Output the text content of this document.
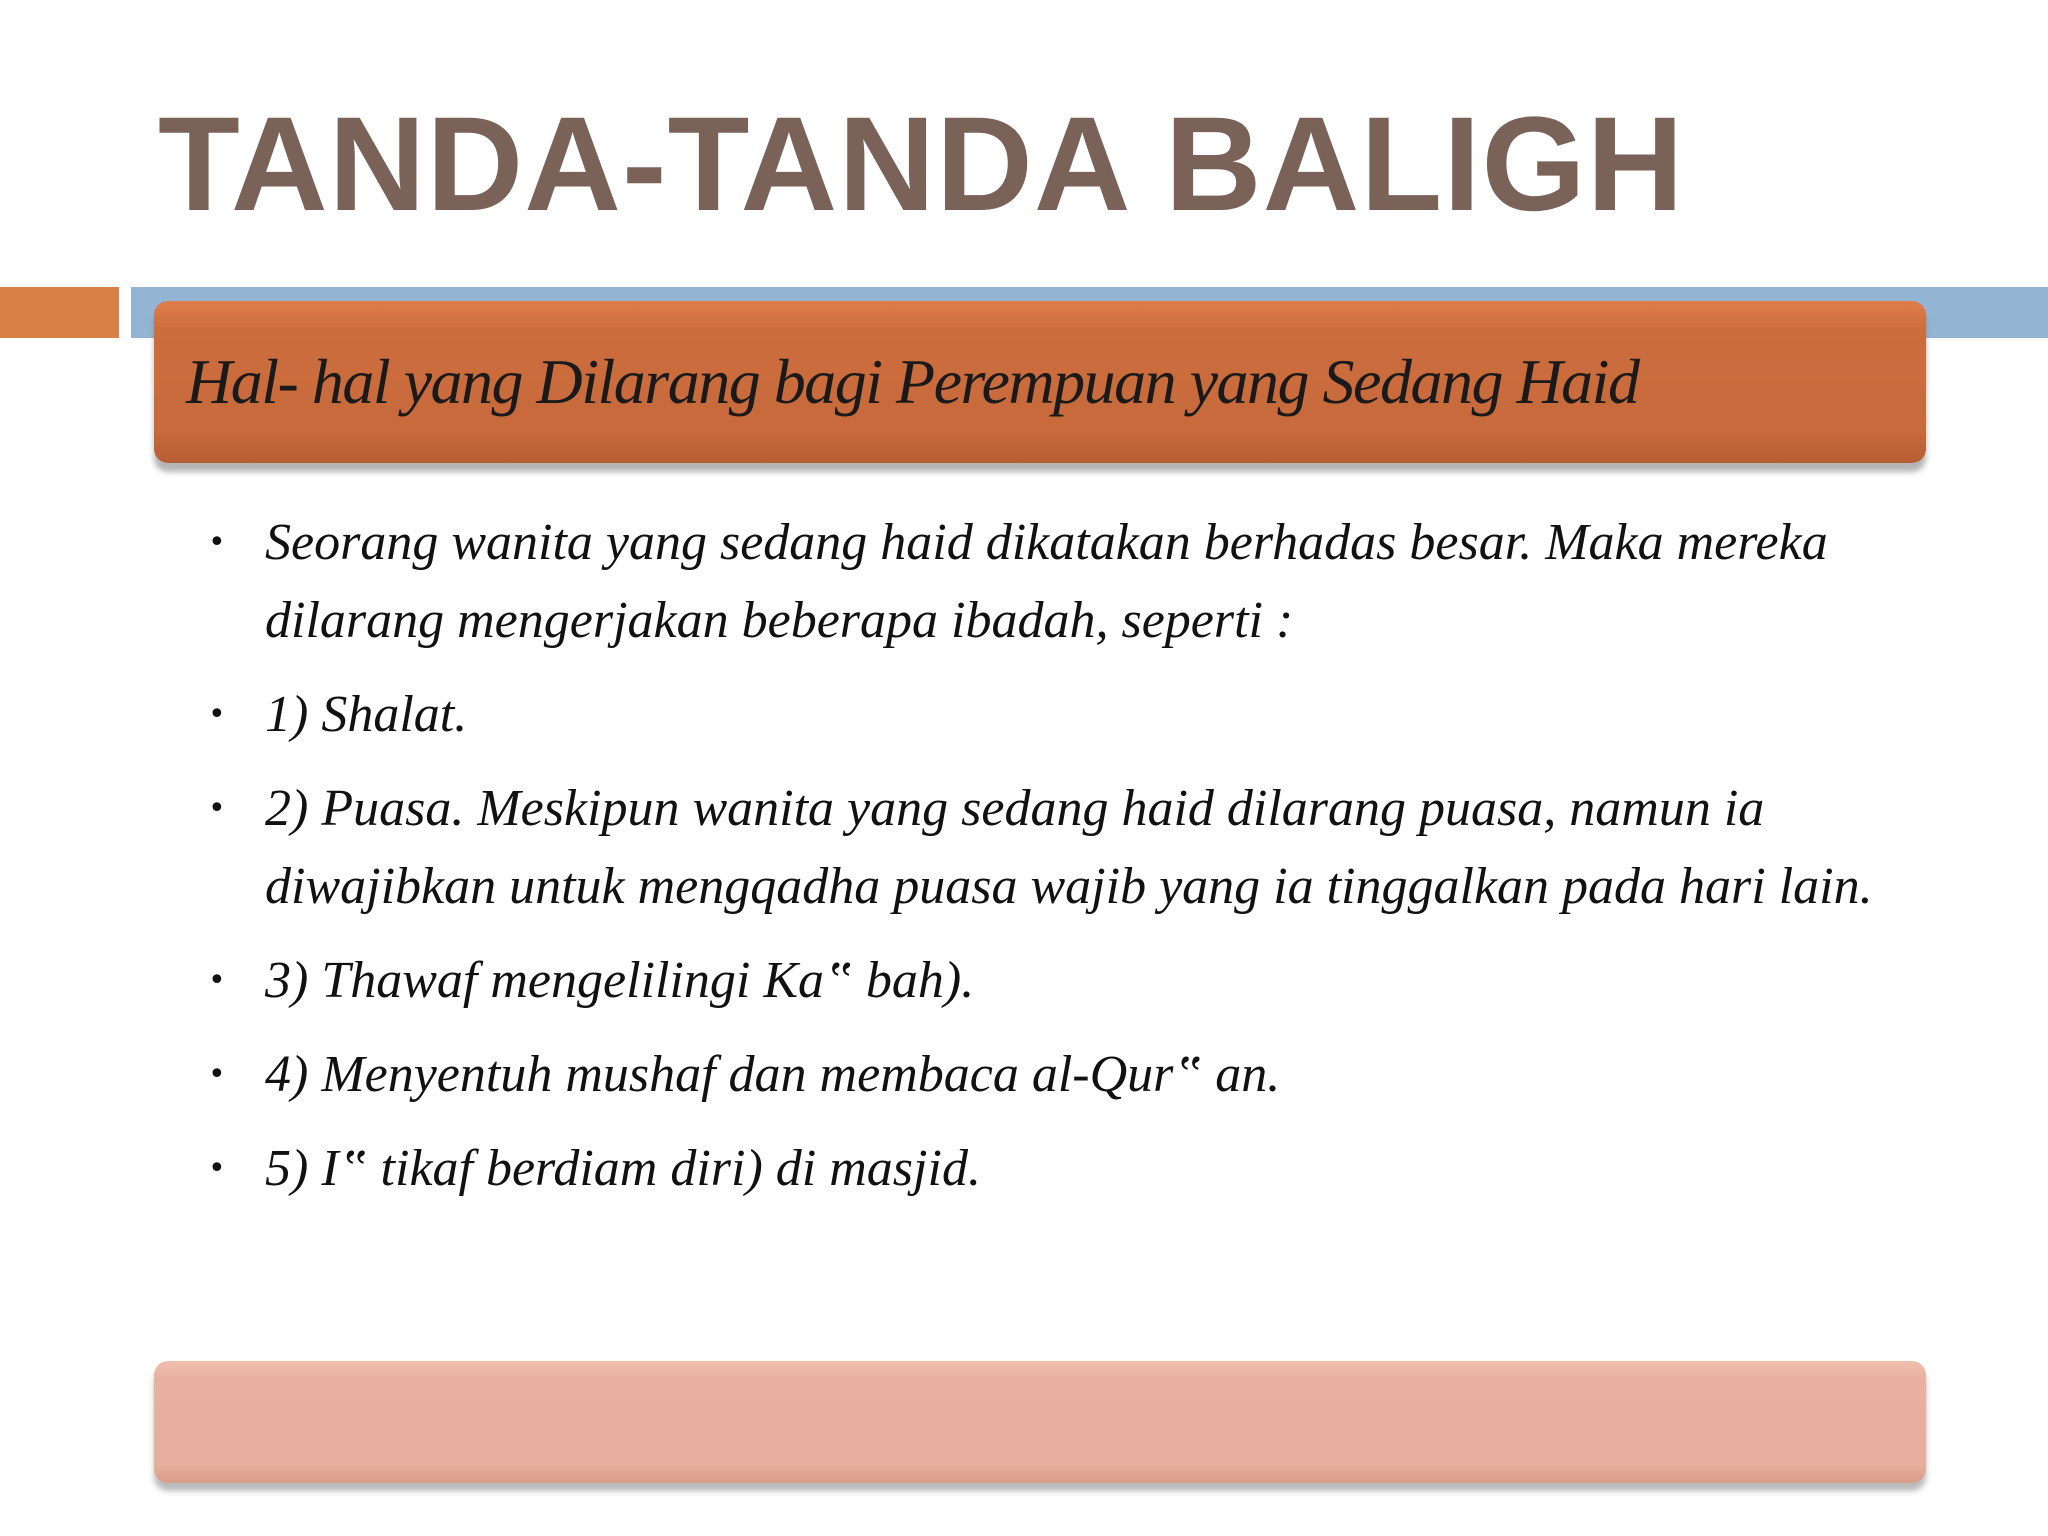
TANDA-TANDA BALIGH
Hal- hal yang Dilarang bagi Perempuan yang Sedang Haid
• Seorang wanita yang sedang haid dikatakan berhadas besar. Maka mereka dilarang mengerjakan beberapa ibadah, seperti :
• 1) Shalat.
• 2) Puasa. Meskipun wanita yang sedang haid dilarang puasa, namun ia diwajibkan untuk mengqadha puasa wajib yang ia tinggalkan pada hari lain.
• 3) Thawaf mengelilingi Ka‟ bah).
• 4) Menyentuh mushaf dan membaca al-Qur‟ an.
• 5) I‟ tikaf berdiam diri) di masjid.
